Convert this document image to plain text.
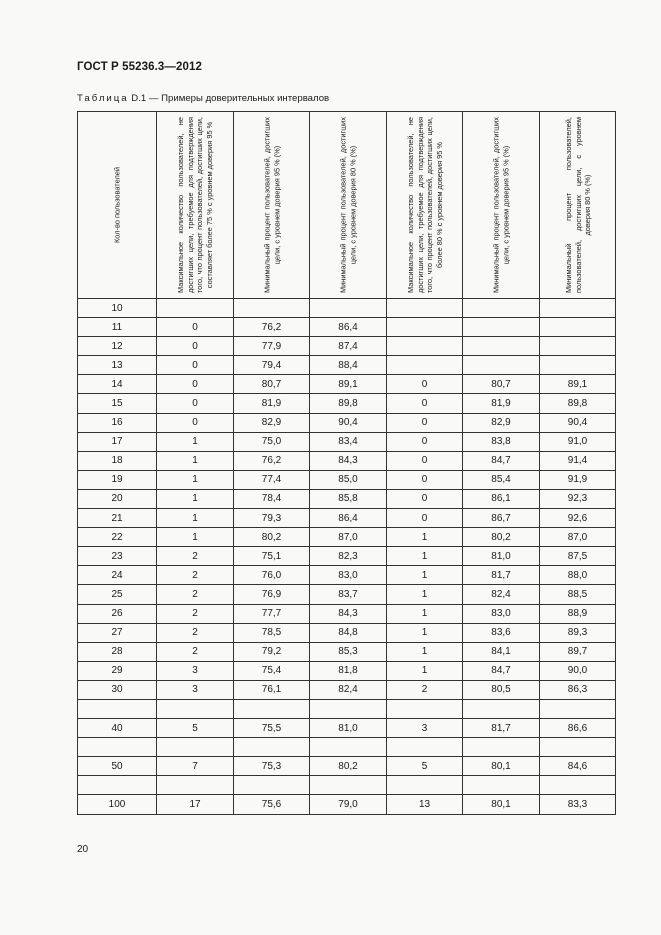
ГОСТ Р 55236.3—2012
Таблица D.1 — Примеры доверительных интервалов
Кол-во пользователей	Максимальное количество пользователей, не достигших цели, требуемое для подтверждения того, что процент пользователей, достигших цели, составляет более 75 % с уровнем доверия 95 %	Минимальный процент пользователей, достигших цели, с уровнем доверия 95 % (%)	Минимальный процент пользователей, достигших цели, с уровнем доверия 80 % (%)	Максимальное количество пользователей, не достигших цели, требуемое для подтверждения того, что процент пользователей, достигших цели, более 80 % с уровнем доверия 95 %	Минимальный процент пользователей, достигших цели, с уровнем доверия 95 % (%)	Минимальный процент пользователей, пользователей, достигших цели, с уровнем доверия 80 % (%)

10						
11	0	76,2	86,4			
12	0	77,9	87,4			
13	0	79,4	88,4			
14	0	80,7	89,1	0	80,7	89,1
15	0	81,9	89,8	0	81,9	89,8
16	0	82,9	90,4	0	82,9	90,4
17	1	75,0	83,4	0	83,8	91,0
18	1	76,2	84,3	0	84,7	91,4
19	1	77,4	85,0	0	85,4	91,9
20	1	78,4	85,8	0	86,1	92,3
21	1	79,3	86,4	0	86,7	92,6
22	1	80,2	87,0	1	80,2	87,0
23	2	75,1	82,3	1	81,0	87,5
24	2	76,0	83,0	1	81,7	88,0
25	2	76,9	83,7	1	82,4	88,5
26	2	77,7	84,3	1	83,0	88,9
27	2	78,5	84,8	1	83,6	89,3
28	2	79,2	85,3	1	84,1	89,7
29	3	75,4	81,8	1	84,7	90,0
30	3	76,1	82,4	2	80,5	86,3

40	5	75,5	81,0	3	81,7	86,6

50	7	75,3	80,2	5	80,1	84,6

100	17	75,6	79,0	13	80,1	83,3
20
